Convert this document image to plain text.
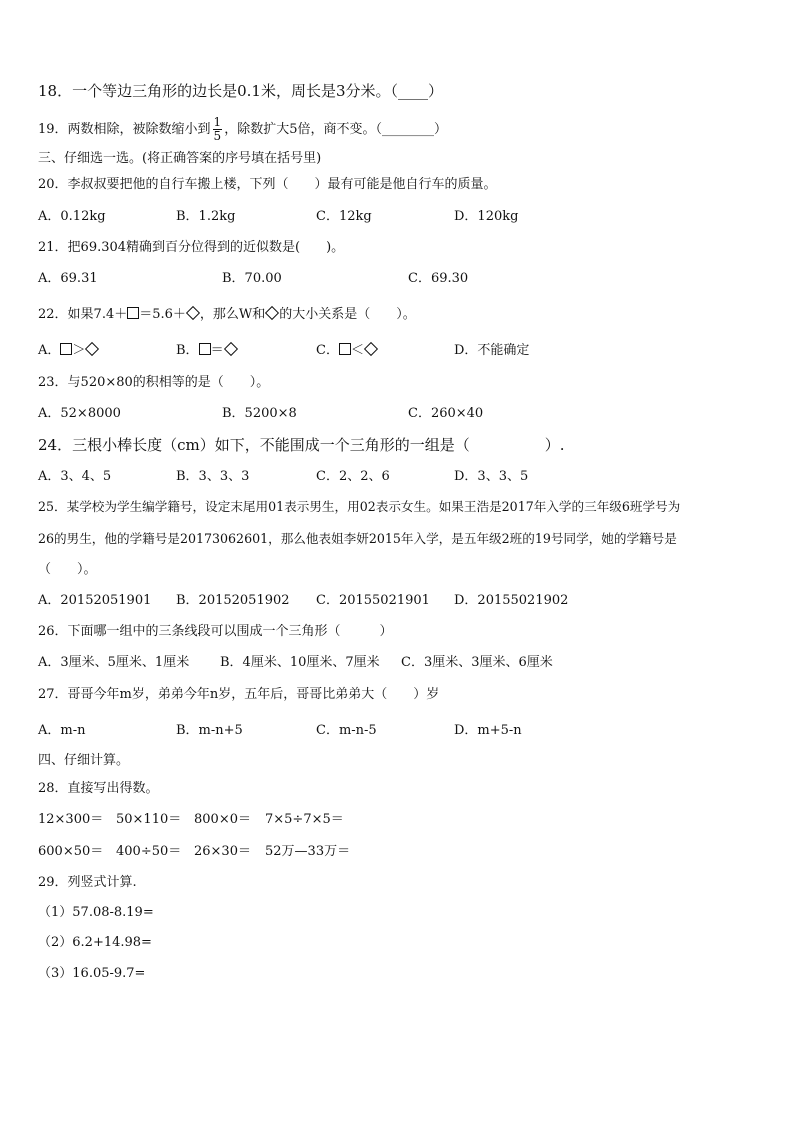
18．一个等边三角形的边长是0.1米，周长是3分米。（____）
19．两数相除，被除数缩小到 $\frac{1}{5}$ ，除数扩大5倍，商不变。（________）
三、仔细选一选。(将正确答案的序号填在括号里)
20．李叔叔要把他的自行车搬上楼，下列（　　）最有可能是他自行车的质量。
A．0.12kg	B．1.2kg	C．12kg	D．120kg
21．把69.304精确到百分位得到的近似数是(　　)。
A．69.31	B．70.00	C．69.30
22．如果7.4＋ ＝5.6＋ ，那么W和 的大小关系是（　　）。
A． ＞	B． ＝	C． ＜	D．不能确定
23．与520×80的积相等的是（　　）。
A．52×8000	B．5200×8	C．260×40
24．三根小棒长度（cm）如下，不能围成一个三角形的一组是（　　　　　）.
A．3、4、5	B．3、3、3	C．2、2、6	D．3、3、5
25．某学校为学生编学籍号，设定末尾用01表示男生，用02表示女生。如果王浩是2017年入学的三年级6班学号为
26的男生，他的学籍号是20173062601，那么他表姐李妍2015年入学，是五年级2班的19号同学，她的学籍号是
（　　）。
A．20152051901 B．20152051902 C．20155021901 D．20155021902
26．下面哪一组中的三条线段可以围成一个三角形（　　　）
A．3厘米、5厘米、1厘米 B．4厘米、10厘米、7厘米 C．3厘米、3厘米、6厘米
27．哥哥今年m岁，弟弟今年n岁，五年后，哥哥比弟弟大（　　）岁
A．m-n	B．m-n+5	C．m-n-5	D．m+5-n
四、仔细计算。
28．直接写出得数。
12×300＝ 50×110＝ 800×0＝ 7×5÷7×5＝
600×50＝ 400÷50＝ 26×30＝ 52万—33万＝
29．列竖式计算.
（1）57.08-8.19=
（2）6.2+14.98=
（3）16.05-9.7=
